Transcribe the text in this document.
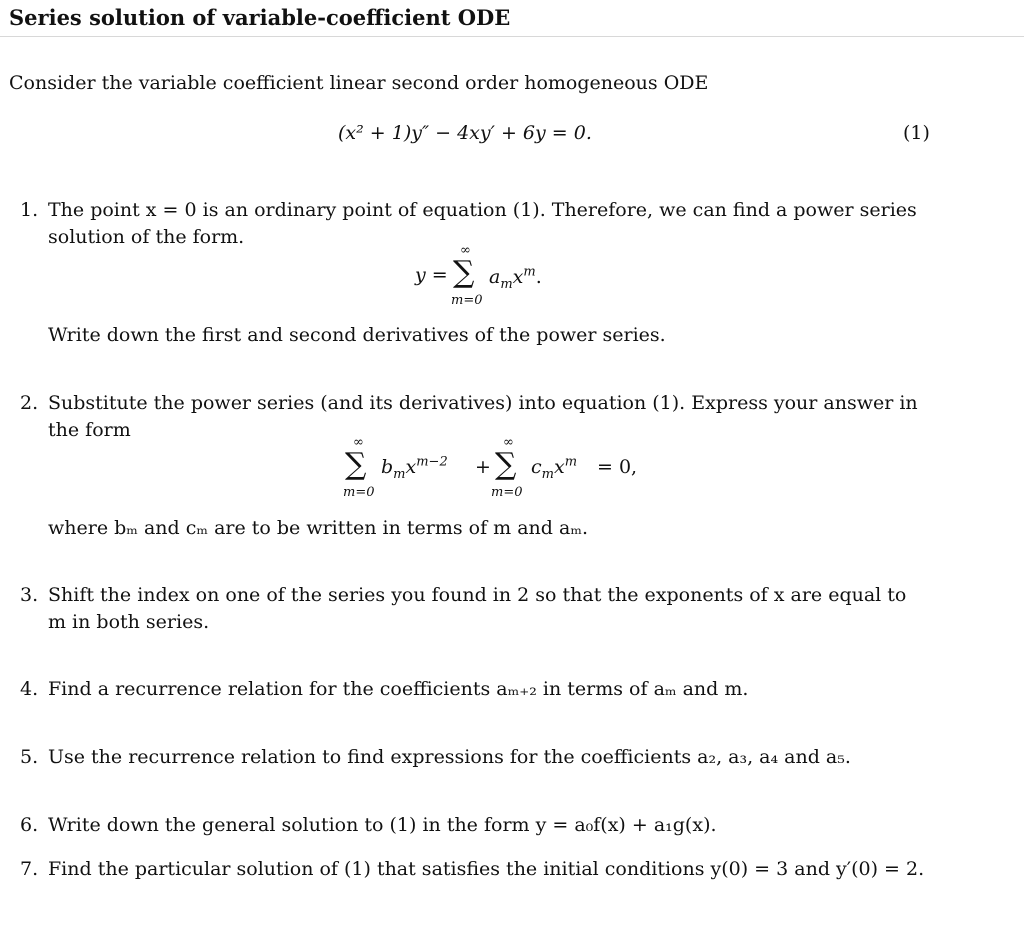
Series solution of variable-coefficient ODE
Consider the variable coefficient linear second order homogeneous ODE
(x² + 1)y″ − 4xy′ + 6y = 0.	(1)
1. The point x = 0 is an ordinary point of equation (1). Therefore, we can find a power series
solution of the form.
y =
∞
∑
m=0
$a_mx^m$.
Write down the first and second derivatives of the power series.
2. Substitute the power series (and its derivatives) into equation (1). Express your answer in
the form
∞
∑
m=0
$b_mx^{m-2}$ +
∞
∑
m=0
$c_mx^m = 0$,
where bₘ and cₘ are to be written in terms of m and aₘ.
3. Shift the index on one of the series you found in 2 so that the exponents of x are equal to
m in both series.
4. Find a recurrence relation for the coefficients aₘ₊₂ in terms of aₘ and m.
5. Use the recurrence relation to find expressions for the coefficients a₂, a₃, a₄ and a₅.
6. Write down the general solution to (1) in the form y = a₀f(x) + a₁g(x).
7. Find the particular solution of (1) that satisfies the initial conditions y(0) = 3 and y′(0) = 2.
